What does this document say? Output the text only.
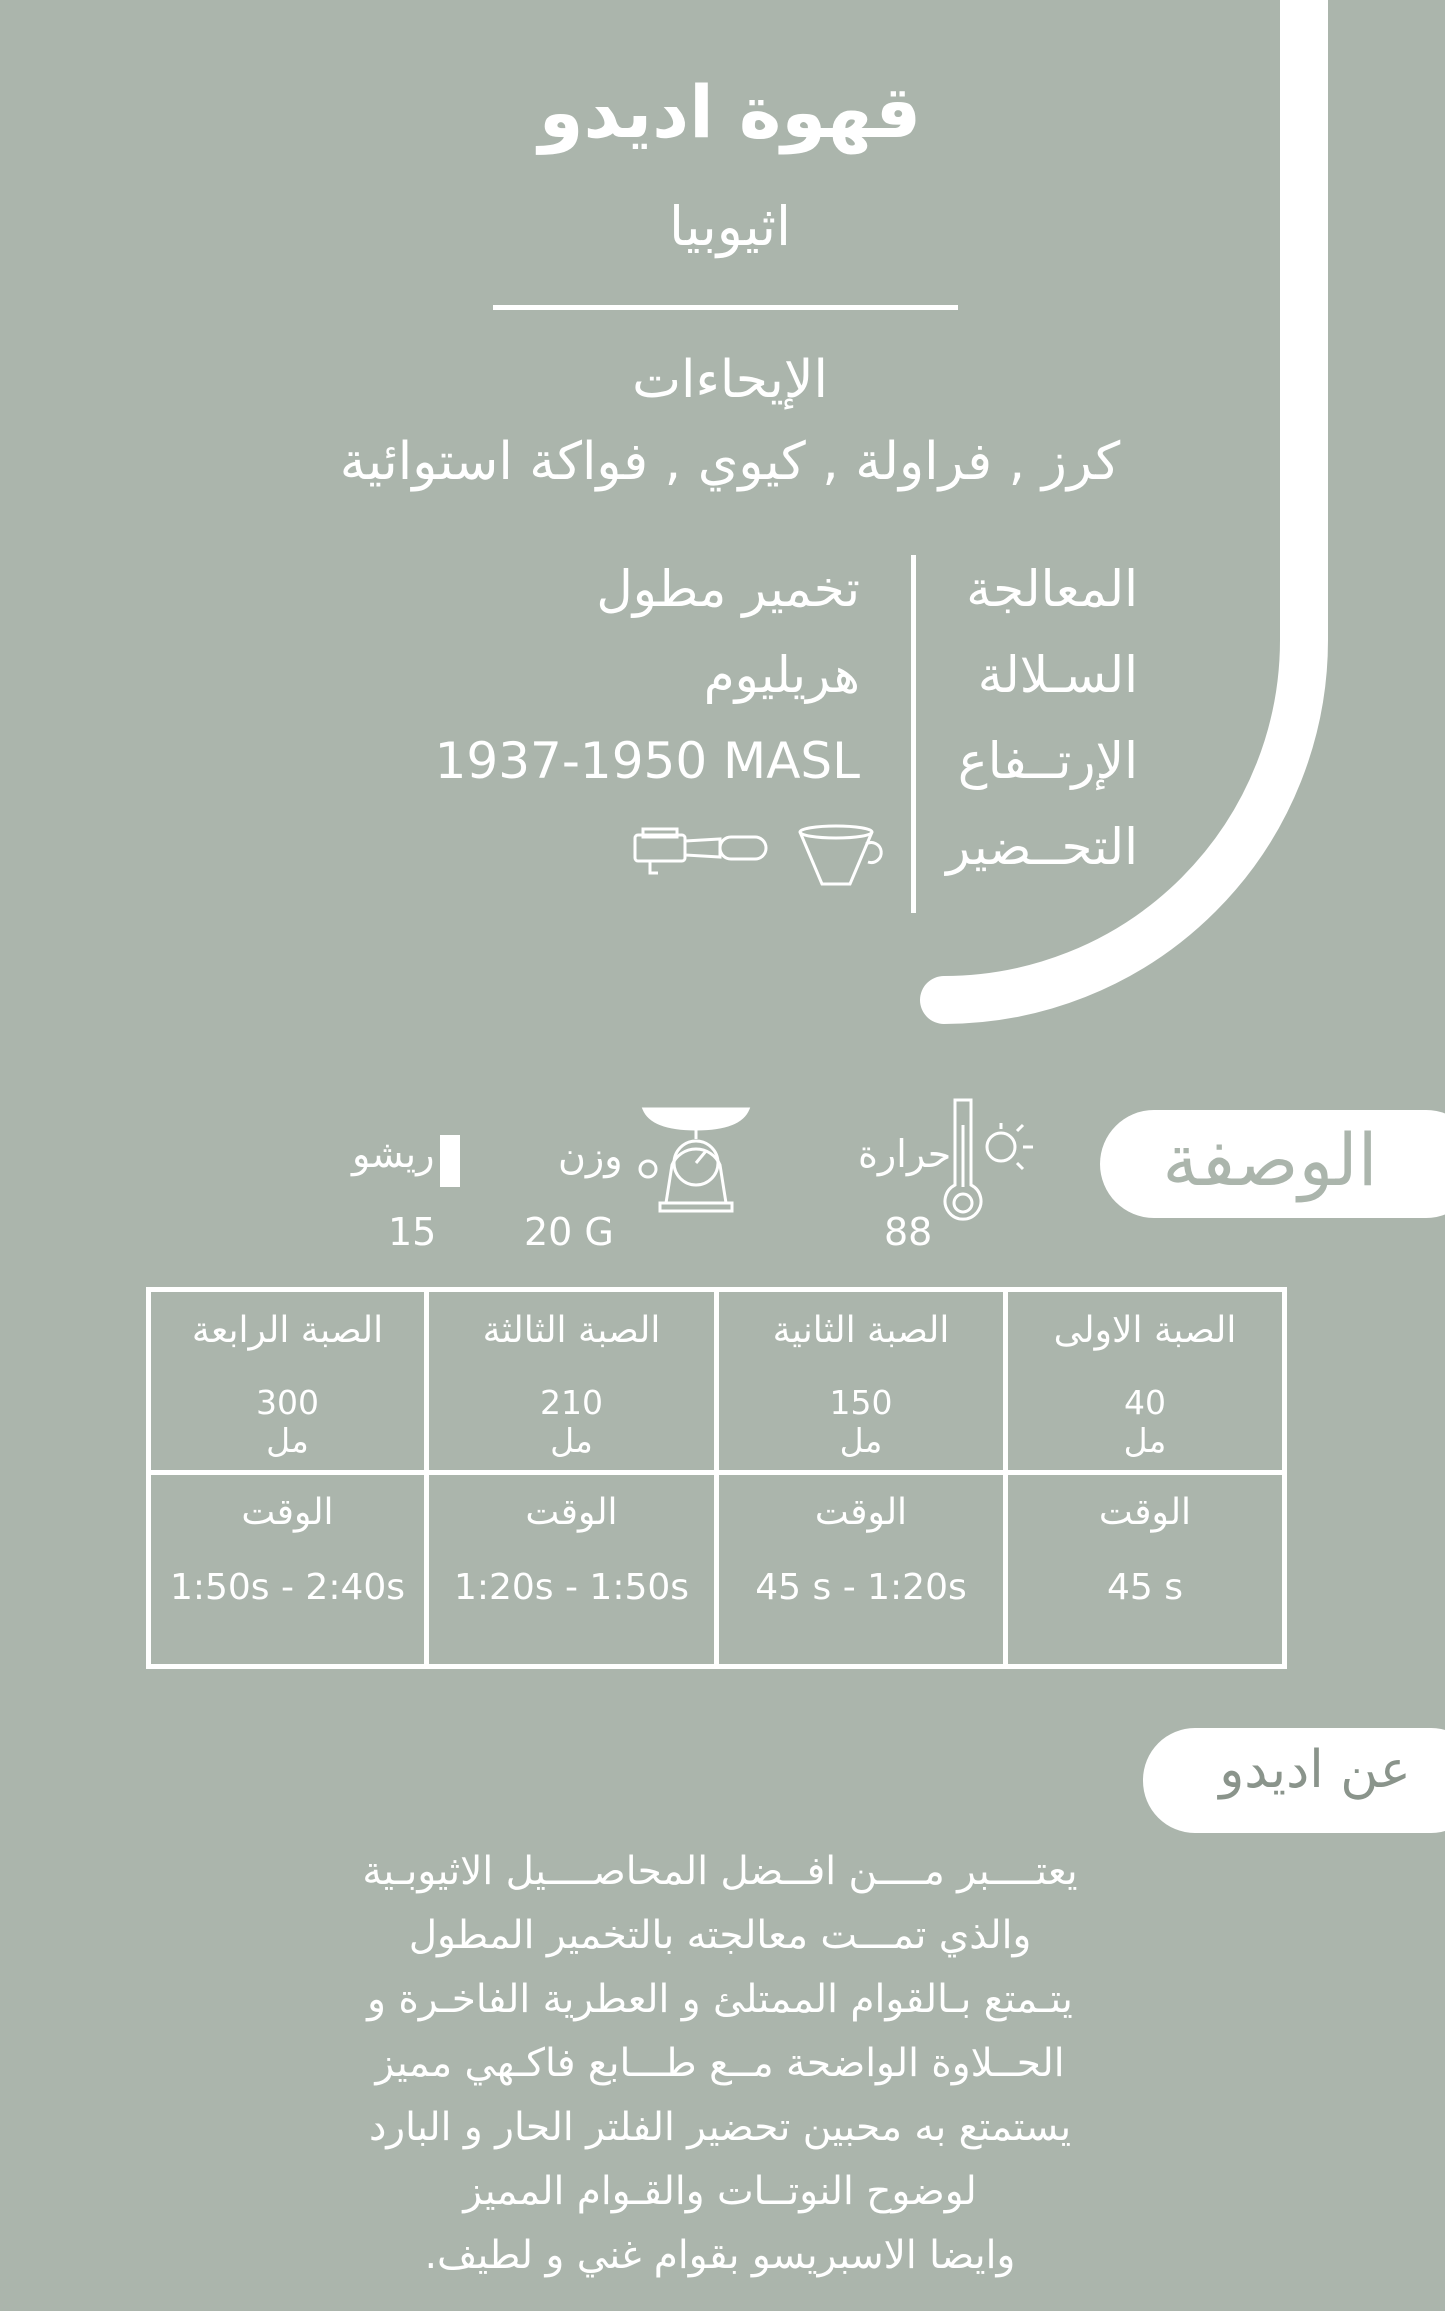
قهوة اديدو
اثيوبيا
الإيحاءات
كرز , فراولة , كيوي , فواكة استوائية
المعالجة
السـلالة
الإرتــفاع
التحــضير
تخمير مطول
هريليوم
1937-1950 MASL
الوصفة
حرارة
88
وزن
20 G
ريشو
15
الصبة الرابعة
300
مل
الوقت
1:50s - 2:40s
الصبة الثالثة
210
مل
الوقت
1:20s - 1:50s
الصبة الثانية
150
مل
الوقت
45 s - 1:20s
الصبة الاولى
40
مل
الوقت
45 s
عن اديدو
يعتــــبر مــــن افــضل المحاصــــيل الاثيوبـية
والذي تمـــت معالجته بالتخمير المطول
يتـمتع بـالقوام الممتلئ و العطرية الفاخـرة و
الحــلاوة الواضحة مــع طـــابع فاكـهي مميز
يستمتع به محبين تحضير الفلتر الحار و البارد
لوضوح النوتــات والقـوام المميز
وايضا الاسبريسو بقوام غني و لطيف.
